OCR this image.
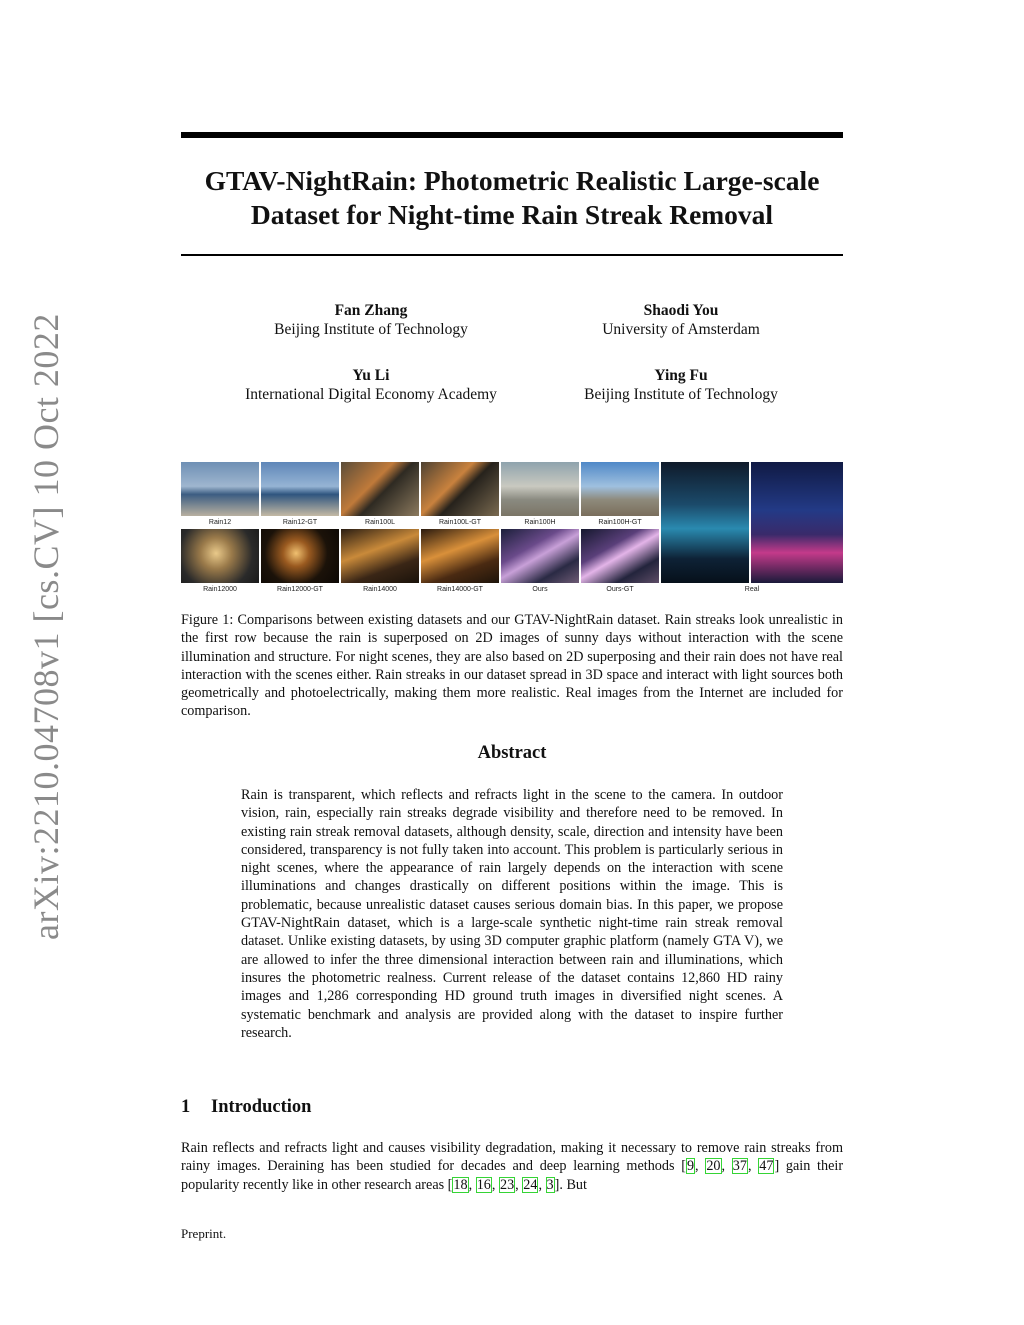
arXiv:2210.04708v1 [cs.CV] 10 Oct 2022
GTAV-NightRain: Photometric Realistic Large-scale
Dataset for Night-time Rain Streak Removal
Fan Zhang
Beijing Institute of Technology
Shaodi You
University of Amsterdam
Yu Li
International Digital Economy Academy
Ying Fu
Beijing Institute of Technology
Rain12	Rain12-GT	Rain100L	Rain100L-GT	Rain100H	Rain100H-GT
Rain12000	Rain12000-GT	Rain14000	Rain14000-GT	Ours	Ours-GT	Real
Figure 1: Comparisons between existing datasets and our GTAV-NightRain dataset. Rain streaks look unrealistic in the first row because the rain is superposed on 2D images of sunny days without interaction with the scene illumination and structure. For night scenes, they are also based on 2D superposing and their rain does not have real interaction with the scenes either. Rain streaks in our dataset spread in 3D space and interact with light sources both geometrically and photoelectrically, making them more realistic. Real images from the Internet are included for comparison.
Abstract
Rain is transparent, which reflects and refracts light in the scene to the camera. In outdoor vision, rain, especially rain streaks degrade visibility and therefore need to be removed. In existing rain streak removal datasets, although density, scale, direction and intensity have been considered, transparency is not fully taken into account. This problem is particularly serious in night scenes, where the appearance of rain largely depends on the interaction with scene illuminations and changes drastically on different positions within the image. This is problematic, because unrealistic dataset causes serious domain bias. In this paper, we propose GTAV-NightRain dataset, which is a large-scale synthetic night-time rain streak removal dataset. Unlike existing datasets, by using 3D computer graphic platform (namely GTA V), we are allowed to infer the three dimensional interaction between rain and illuminations, which insures the photometric realness. Current release of the dataset contains 12,860 HD rainy images and 1,286 corresponding HD ground truth images in diversified night scenes. A systematic benchmark and analysis are provided along with the dataset to inspire further research.
1 Introduction
Rain reflects and refracts light and causes visibility degradation, making it necessary to remove rain streaks from rainy images. Deraining has been studied for decades and deep learning methods [9, 20, 37, 47] gain their popularity recently like in other research areas [18, 16, 23, 24, 3]. But
Preprint.
